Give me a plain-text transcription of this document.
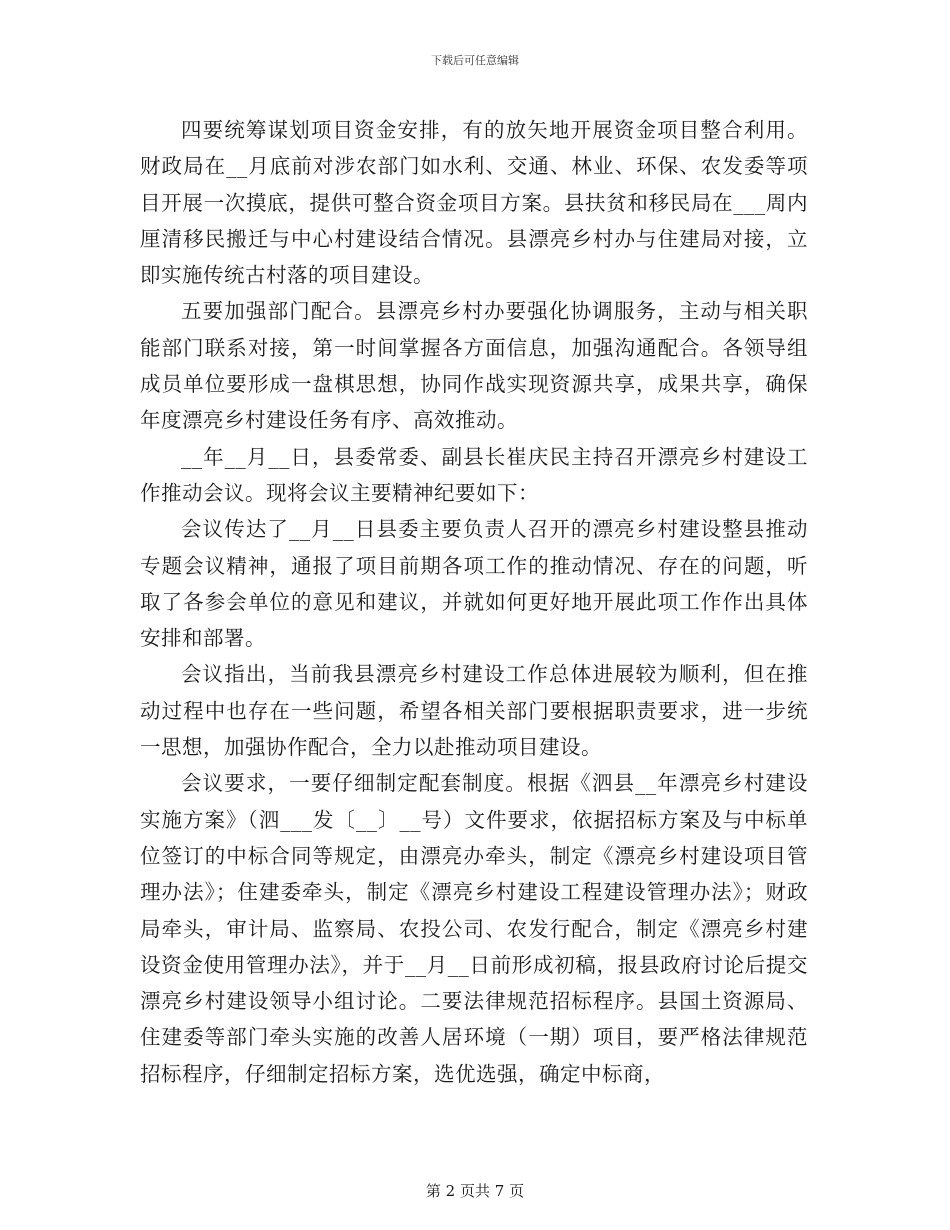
下载后可任意编辑

四要统筹谋划项目资金安排，有的放矢地开展资金项目整合利用。财政局在__月底前对涉农部门如水利、交通、林业、环保、农发委等项目开展一次摸底，提供可整合资金项目方案。县扶贫和移民局在___周内厘清移民搬迁与中心村建设结合情况。县漂亮乡村办与住建局对接，立即实施传统古村落的项目建设。

五要加强部门配合。县漂亮乡村办要强化协调服务，主动与相关职能部门联系对接，第一时间掌握各方面信息，加强沟通配合。各领导组成员单位要形成一盘棋思想，协同作战实现资源共享，成果共享，确保年度漂亮乡村建设任务有序、高效推动。

__年__月__日，县委常委、副县长崔庆民主持召开漂亮乡村建设工作推动会议。现将会议主要精神纪要如下：

会议传达了__月__日县委主要负责人召开的漂亮乡村建设整县推动专题会议精神，通报了项目前期各项工作的推动情况、存在的问题，听取了各参会单位的意见和建议，并就如何更好地开展此项工作作出具体安排和部署。

会议指出，当前我县漂亮乡村建设工作总体进展较为顺利，但在推动过程中也存在一些问题，希望各相关部门要根据职责要求，进一步统一思想，加强协作配合，全力以赴推动项目建设。

会议要求，一要仔细制定配套制度。根据《泗县__年漂亮乡村建设实施方案》（泗___发〔__〕__号）文件要求，依据招标方案及与中标单位签订的中标合同等规定，由漂亮办牵头，制定《漂亮乡村建设项目管理办法》；住建委牵头，制定《漂亮乡村建设工程建设管理办法》；财政局牵头，审计局、监察局、农投公司、农发行配合，制定《漂亮乡村建设资金使用管理办法》，并于__月__日前形成初稿，报县政府讨论后提交漂亮乡村建设领导小组讨论。二要法律规范招标程序。县国土资源局、住建委等部门牵头实施的改善人居环境（一期）项目，要严格法律规范招标程序，仔细制定招标方案，选优选强，确定中标商，

第 2 页共 7 页
